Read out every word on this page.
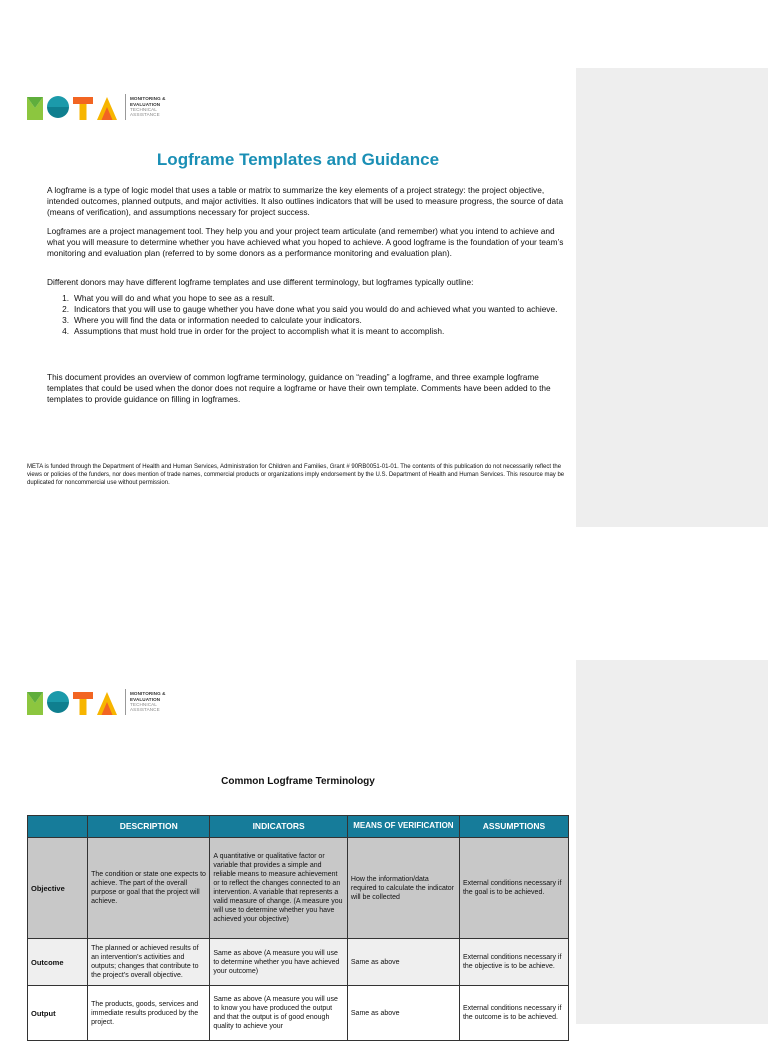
MONITORING &
EVALUATION
TECHNICAL
ASSISTANCE
Logframe Templates and Guidance

A logframe is a type of logic model that uses a table or matrix to summarize the key elements of a project strategy: the project objective, intended outcomes, planned outputs, and major activities. It also outlines indicators that will be used to measure progress, the source of data (means of verification), and assumptions necessary for project success.

Logframes are a project management tool. They help you and your project team articulate (and remember) what you intend to achieve and what you will measure to determine whether you have achieved what you hoped to achieve. A good logframe is the foundation of your team’s monitoring and evaluation plan (referred to by some donors as a performance monitoring and evaluation plan).

Different donors may have different logframe templates and use different terminology, but logframes typically outline:

1. What you will do and what you hope to see as a result.
2. Indicators that you will use to gauge whether you have done what you said you would do and achieved what you wanted to achieve.
3. Where you will find the data or information needed to calculate your indicators.
4. Assumptions that must hold true in order for the project to accomplish what it is meant to accomplish.

This document provides an overview of common logframe terminology, guidance on “reading” a logframe, and three example logframe templates that could be used when the donor does not require a logframe or have their own template. Comments have been added to the templates to provide guidance on filling in logframes.

META is funded through the Department of Health and Human Services, Administration for Children and Families, Grant # 90RB0051-01-01. The contents of this publication do not necessarily reflect the views or policies of the funders, nor does mention of trade names, commercial products or organizations imply endorsement by the U.S. Department of Health and Human Services. This resource may be duplicated for noncommercial use without permission.
MONITORING &
EVALUATION
TECHNICAL
ASSISTANCE
Common Logframe Terminology
	DESCRIPTION	INDICATORS	MEANS OF VERIFICATION	ASSUMPTIONS
Objective	The condition or state one expects to achieve. The part of the overall purpose or goal that the project will achieve.	A quantitative or qualitative factor or variable that provides a simple and reliable means to measure achievement or to reflect the changes connected to an intervention. A variable that represents a valid measure of change. (A measure you will use to determine whether you have achieved your objective)	How the information/data required to calculate the indicator will be collected	External conditions necessary if the goal is to be achieved.
Outcome	The planned or achieved results of an intervention’s activities and outputs; changes that contribute to the project’s overall objective.	Same as above (A measure you will use to determine whether you have achieved your outcome)	Same as above	External conditions necessary if the objective is to be achieve.
Output	The products, goods, services and immediate results produced by the project.	Same as above (A measure you will use to know you have produced the output and that the output is of good enough quality to achieve your	Same as above	External conditions necessary if the outcome is to be achieved.
